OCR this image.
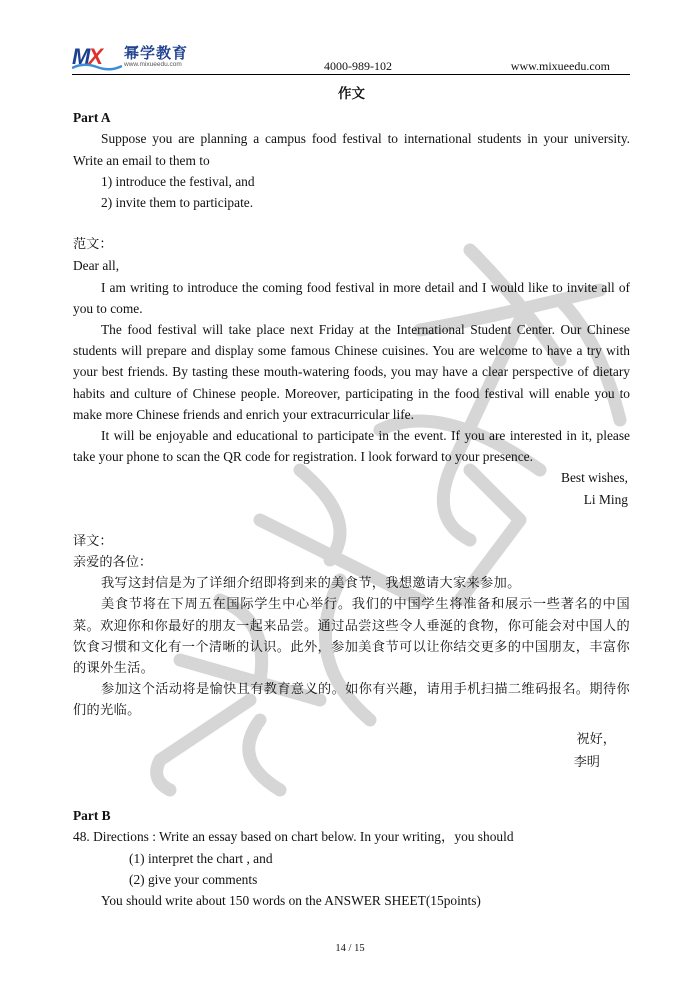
MX 幂学教育
www.mixueedu.com	4000-989-102	www.mixueedu.com
作文

Part A

Suppose you are planning a campus food festival to international students in your university. Write an email to them to

1) introduce the festival, and

2) invite them to participate.

范文：

Dear all,

I am writing to introduce the coming food festival in more detail and I would like to invite all of you to come.

The food festival will take place next Friday at the International Student Center. Our Chinese students will prepare and display some famous Chinese cuisines. You are welcome to have a try with your best friends. By tasting these mouth-watering foods, you may have a clear perspective of dietary habits and culture of Chinese people. Moreover, participating in the food festival will enable you to make more Chinese friends and enrich your extracurricular life.

It will be enjoyable and educational to participate in the event. If you are interested in it, please take your phone to scan the QR code for registration. I look forward to your presence.

Best wishes,

Li Ming

译文：

亲爱的各位：

我写这封信是为了详细介绍即将到来的美食节，我想邀请大家来参加。

美食节将在下周五在国际学生中心举行。我们的中国学生将准备和展示一些著名的中国菜。欢迎你和你最好的朋友一起来品尝。通过品尝这些令人垂涎的食物，你可能会对中国人的饮食习惯和文化有一个清晰的认识。此外，参加美食节可以让你结交更多的中国朋友，丰富你的课外生活。

参加这个活动将是愉快且有教育意义的。如你有兴趣，请用手机扫描二维码报名。期待你们的光临。

祝好，

李明

Part B

48. Directions : Write an essay based on chart below. In your writing，you should

(1) interpret the chart , and

(2) give your comments

You should write about 150 words on the ANSWER SHEET(15points)

14 / 15
